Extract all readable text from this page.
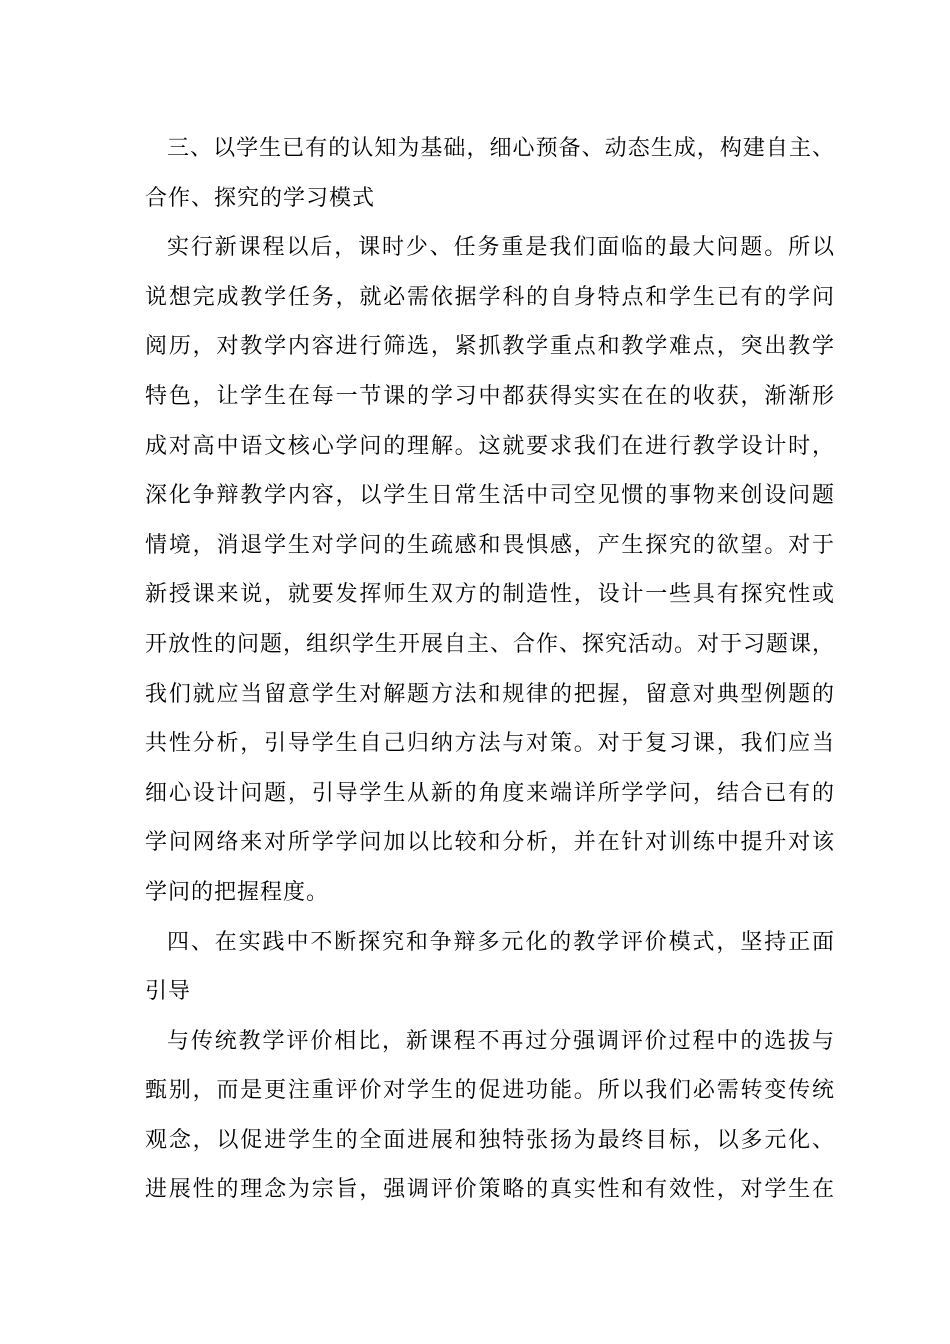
三、以学生已有的认知为基础，细心预备、动态生成，构建自主、
合作、探究的学习模式
实行新课程以后，课时少、任务重是我们面临的最大问题。所以
说想完成教学任务，就必需依据学科的自身特点和学生已有的学问
阅历，对教学内容进行筛选，紧抓教学重点和教学难点，突出教学
特色，让学生在每一节课的学习中都获得实实在在的收获，渐渐形
成对高中语文核心学问的理解。这就要求我们在进行教学设计时，
深化争辩教学内容，以学生日常生活中司空见惯的事物来创设问题
情境，消退学生对学问的生疏感和畏惧感，产生探究的欲望。对于
新授课来说，就要发挥师生双方的制造性，设计一些具有探究性或
开放性的问题，组织学生开展自主、合作、探究活动。对于习题课，
我们就应当留意学生对解题方法和规律的把握，留意对典型例题的
共性分析，引导学生自己归纳方法与对策。对于复习课，我们应当
细心设计问题，引导学生从新的角度来端详所学学问，结合已有的
学问网络来对所学学问加以比较和分析，并在针对训练中提升对该
学问的把握程度。
四、在实践中不断探究和争辩多元化的教学评价模式，坚持正面
引导
与传统教学评价相比，新课程不再过分强调评价过程中的选拔与
甄别，而是更注重评价对学生的促进功能。所以我们必需转变传统
观念，以促进学生的全面进展和独特张扬为最终目标，以多元化、
进展性的理念为宗旨，强调评价策略的真实性和有效性，对学生在
